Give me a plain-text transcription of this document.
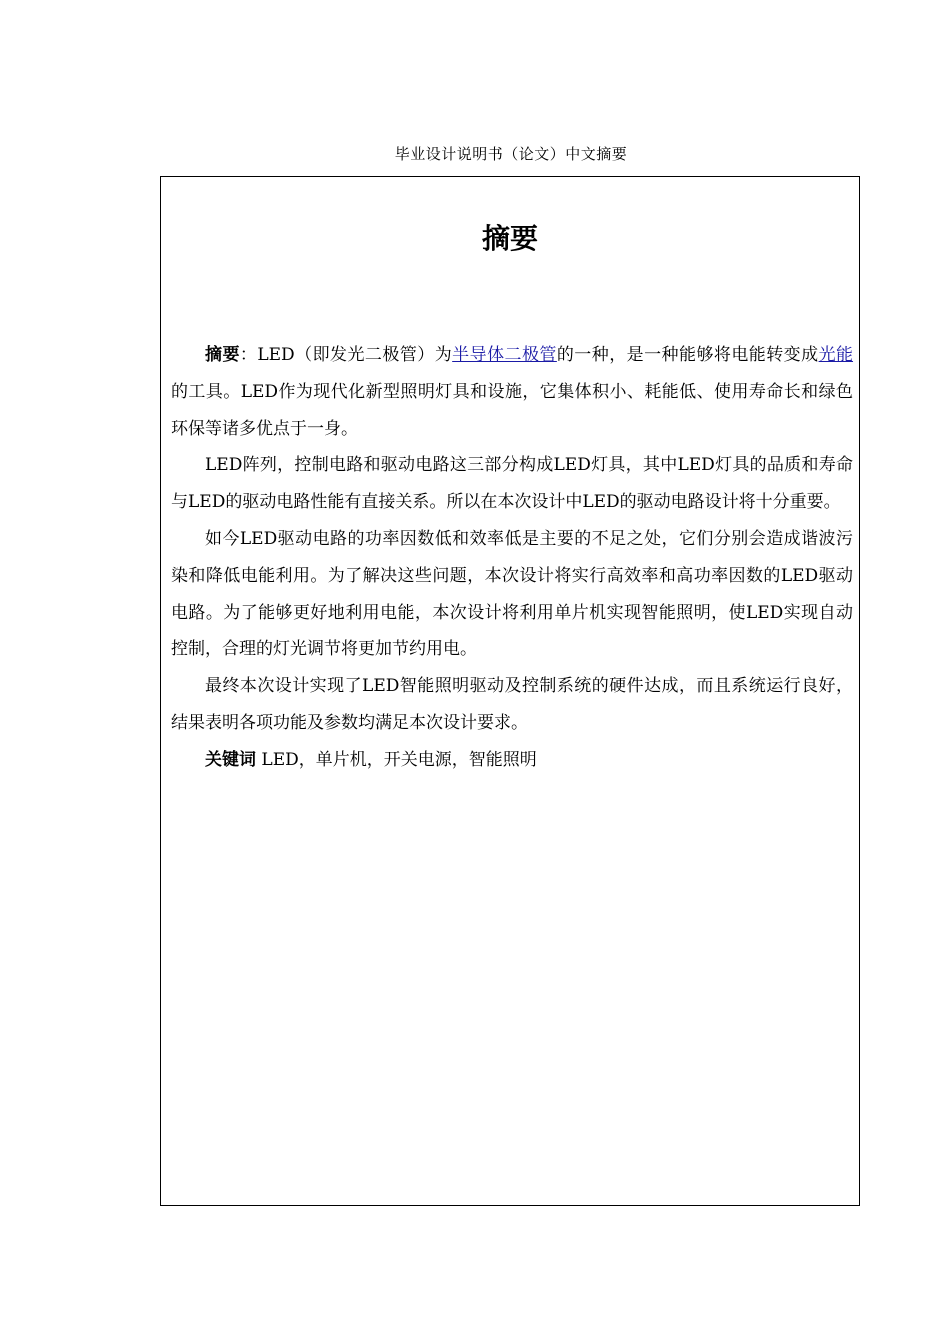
毕业设计说明书（论文）中文摘要
摘要

摘要：LED（即发光二极管）为半导体二极管的一种，是一种能够将电能转变成光能的工具。LED作为现代化新型照明灯具和设施，它集体积小、耗能低、使用寿命长和绿色环保等诸多优点于一身。

LED阵列，控制电路和驱动电路这三部分构成LED灯具，其中LED灯具的品质和寿命与LED的驱动电路性能有直接关系。所以在本次设计中LED的驱动电路设计将十分重要。

如今LED驱动电路的功率因数低和效率低是主要的不足之处，它们分别会造成谐波污染和降低电能利用。为了解决这些问题，本次设计将实行高效率和高功率因数的LED驱动电路。为了能够更好地利用电能，本次设计将利用单片机实现智能照明，使LED实现自动控制，合理的灯光调节将更加节约用电。

最终本次设计实现了LED智能照明驱动及控制系统的硬件达成，而且系统运行良好，结果表明各项功能及参数均满足本次设计要求。

关键词 LED，单片机，开关电源，智能照明
